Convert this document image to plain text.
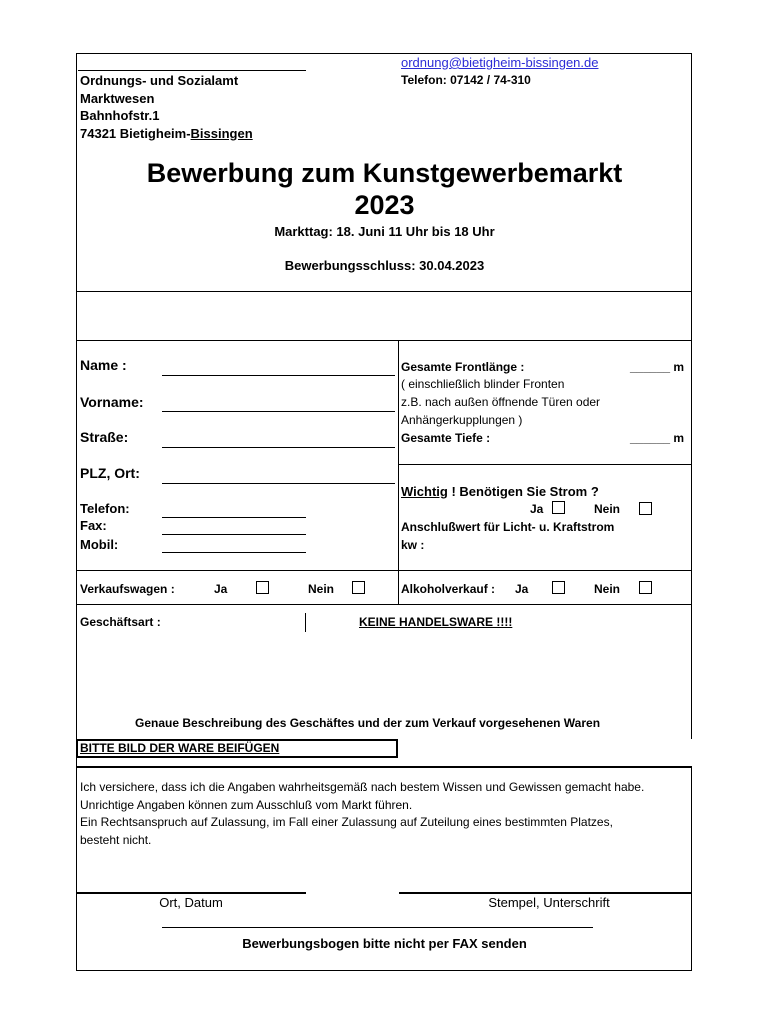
ordnung@bietigheim-bissingen.de
Telefon: 07142 / 74-310
Ordnungs- und Sozialamt
Marktwesen
Bahnhofstr.1
74321 Bietigheim-Bissingen
Bewerbung zum Kunstgewerbemarkt
2023
Markttag: 18. Juni 11 Uhr bis 18 Uhr
Bewerbungsschluss: 30.04.2023
Name :
Vorname:
Straße:
PLZ, Ort:
Telefon:
Fax:
Mobil:
Gesamte Frontlänge :	______ m
( einschließlich blinder Fronten
z.B. nach außen öffnende Türen oder
Anhängerkupplungen )
Gesamte Tiefe :	______ m
Wichtig ! Benötigen Sie Strom ?
Ja	Nein
Anschlußwert für Licht- u. Kraftstrom
kw :
Verkaufswagen :	Ja	Nein	Alkoholverkauf : Ja	Nein
Geschäftsart :	KEINE HANDELSWARE !!!!
Genaue Beschreibung des Geschäftes und der zum Verkauf vorgesehenen Waren
BITTE BILD DER WARE BEIFÜGEN
Ich versichere, dass ich die Angaben wahrheitsgemäß nach bestem Wissen und Gewissen gemacht habe.
Unrichtige Angaben können zum Ausschluß vom Markt führen.
Ein Rechtsanspruch auf Zulassung, im Fall einer Zulassung auf Zuteilung eines bestimmten Platzes,
besteht nicht.
Ort, Datum	Stempel, Unterschrift
Bewerbungsbogen bitte nicht per FAX senden
